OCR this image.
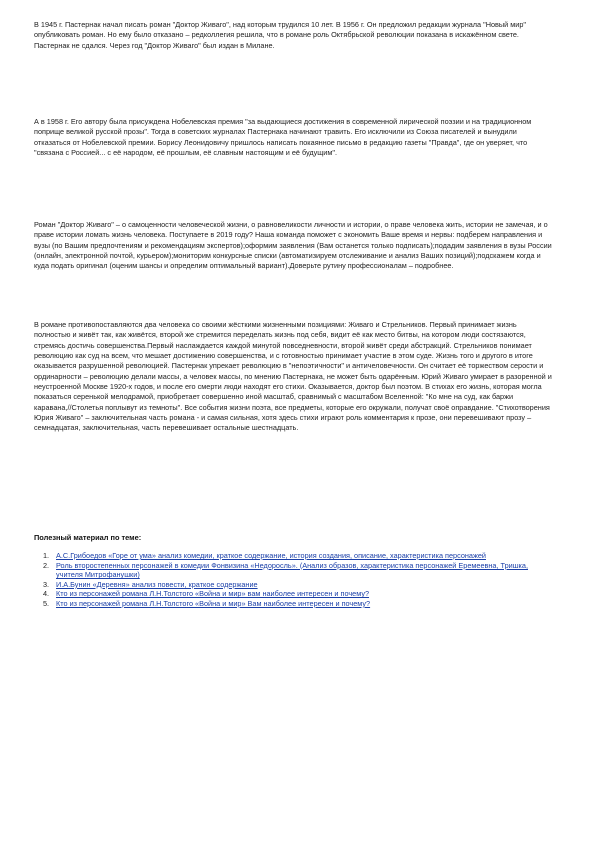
В 1945 г. Пастернак начал писать роман "Доктор Живаго", над которым трудился 10 лет. В 1956 г. Он предложил редакции журнала "Новый мир" опубликовать роман. Но ему было отказано – редколлегия решила, что в романе роль Октябрьской революции показана в искажённом свете. Пастернак не сдался. Через год "Доктор Живаго" был издан в Милане.

А в 1958 г. Его автору была присуждена Нобелевская премия "за выдающиеся достижения в современной лирической поэзии и на традиционном поприще великой русской прозы". Тогда в советских журналах Пастернака начинают травить. Его исключили из Союза писателей и вынудили отказаться от Нобелевской премии. Борису Леонидовичу пришлось написать покаянное письмо в редакцию газеты "Правда", где он уверяет, что "связана с Россией... с её народом, её прошлым, её славным настоящим и её будущим".

Роман "Доктор Живаго" – о самоценности человеческой жизни, о равновеликости личности и истории, о праве человека жить, истории не замечая, и о праве истории ломать жизнь человека. Поступаете в 2019 году? Наша команда поможет с экономить Ваше время и нервы: подберем направления и вузы (по Вашим предпочтениям и рекомендациям экспертов);оформим заявления (Вам останется только подписать);подадим заявления в вузы России (онлайн, электронной почтой, курьером);мониторим конкурсные списки (автоматизируем отслеживание и анализ Ваших позиций);подскажем когда и куда подать оригинал (оценим шансы и определим оптимальный вариант).Доверьте рутину профессионалам – подробнее.

В романе противопоставляются два человека со своими жёсткими жизненными позициями: Живаго и Стрельников. Первый принимает жизнь полностью и живёт так, как живётся, второй же стремится переделать жизнь под себя, видит её как место битвы, на котором люди состязаются, стремясь достичь совершенства.Первый наслаждается каждой минутой повседневности, второй живёт среди абстракций. Стрельников понимает революцию как суд на всем, что мешает достижению совершенства, и с готовностью принимает участие в этом суде. Жизнь того и другого в итоге оказывается разрушенной революцией. Пастернак упрекает революцию в "непоэтичности" и античеловечности. Он считает её торжеством серости и ординарности – революцию делали массы, а человек массы, по мнению Пастернака, не может быть одарённым. Юрий Живаго умирает в разоренной и неустроенной Москве 1920-х годов, и после его смерти люди находят его стихи. Оказывается, доктор был поэтом. В стихах его жизнь, которая могла показаться серенькой мелодрамой, приобретает совершенно иной масштаб, сравнимый с масштабом Вселенной: "Ко мне на суд, как баржи каравана,//Столетья поплывут из темноты". Все события жизни поэта, все предметы, которые его окружали, получат своё оправдание. "Стихотворения Юрия Живаго" – заключительная часть романа - и самая сильная, хотя здесь стихи играют роль комментария к прозе, они перевешивают прозу – семнадцатая, заключительная, часть перевешивает остальные шестнадцать.

Полезный материал по теме:

1. А.С.Грибоедов «Горе от ума» анализ комедии, краткое содержание, история создания, описание, характеристика персонажей
2. Роль второстепенных персонажей в комедии Фонвизина «Недоросль». (Анализ образов, характеристика персонажей Еремеевна, Тришка, учителя Митрофанушки)
3. И.А.Бунин «Деревня» анализ повести, краткое содержание
4. Кто из персонажей романа Л.Н.Толстого «Война и мир» вам наиболее интересен и почему?
5. Кто из персонажей романа Л.Н.Толстого «Война и мир» Вам наиболее интересен и почему?
